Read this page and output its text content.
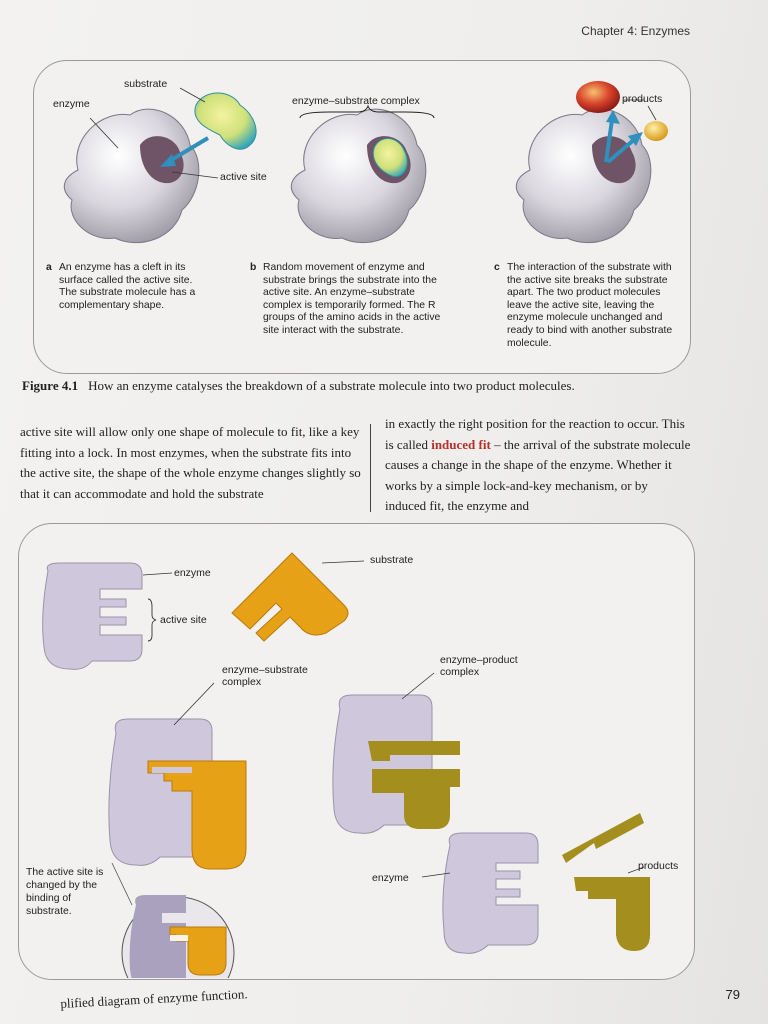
Chapter 4: Enzymes
substrate
enzyme	enzyme–substrate complex
active site
products
a An enzyme has a cleft in its surface called the active site. The substrate molecule has a complementary shape.
b Random movement of enzyme and substrate brings the substrate into the active site. An enzyme–substrate complex is temporarily formed. The R groups of the amino acids in the active site interact with the substrate.
c The interaction of the substrate with the active site breaks the substrate apart. The two product molecules leave the active site, leaving the enzyme molecule unchanged and ready to bind with another substrate molecule.
Figure 4.1 How an enzyme catalyses the breakdown of a substrate molecule into two product molecules.
active site will allow only one shape of molecule to fit, like a key fitting into a lock. In most enzymes, when the substrate fits into the active site, the shape of the whole enzyme changes slightly so that it can accommodate and hold the substrate
in exactly the right position for the reaction to occur. This is called induced fit – the arrival of the substrate molecule causes a change in the shape of the enzyme. Whether it works by a simple lock-and-key mechanism, or by induced fit, the enzyme and
enzyme
substrate
active site
enzyme–substrate
complex
enzyme–product
complex
enzyme
products
The active site is changed by the binding of substrate.
plified diagram of enzyme function.	79
